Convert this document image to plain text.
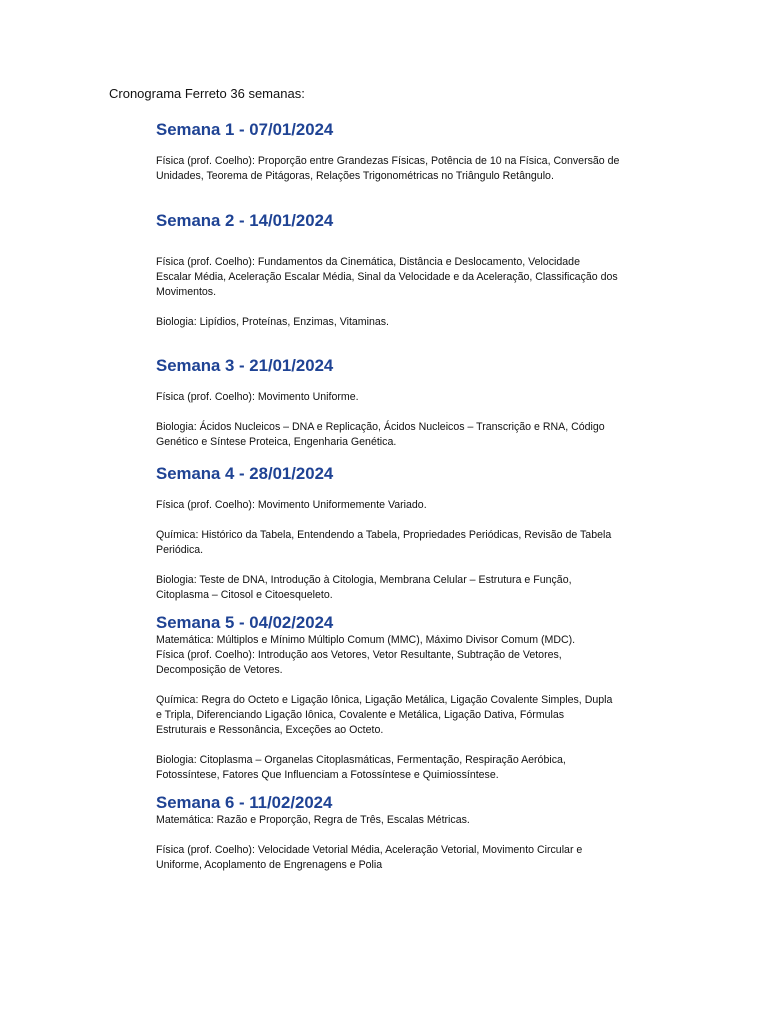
Cronograma Ferreto 36 semanas:

Semana 1 - 07/01/2024

Física (prof. Coelho): Proporção entre Grandezas Físicas, Potência de 10 na Física, Conversão de
Unidades, Teorema de Pitágoras, Relações Trigonométricas no Triângulo Retângulo.

Semana 2 - 14/01/2024

Física (prof. Coelho): Fundamentos da Cinemática, Distância e Deslocamento, Velocidade
Escalar Média, Aceleração Escalar Média, Sinal da Velocidade e da Aceleração, Classificação dos
Movimentos.

Biologia: Lipídios, Proteínas, Enzimas, Vitaminas.

Semana 3 - 21/01/2024

Física (prof. Coelho): Movimento Uniforme.

Biologia: Ácidos Nucleicos – DNA e Replicação, Ácidos Nucleicos – Transcrição e RNA, Código
Genético e Síntese Proteica, Engenharia Genética.

Semana 4 - 28/01/2024

Física (prof. Coelho): Movimento Uniformemente Variado.

Química: Histórico da Tabela, Entendendo a Tabela, Propriedades Periódicas, Revisão de Tabela
Periódica.

Biologia: Teste de DNA, Introdução à Citologia, Membrana Celular – Estrutura e Função,
Citoplasma – Citosol e Citoesqueleto.

Semana 5 - 04/02/2024

Matemática: Múltiplos e Mínimo Múltiplo Comum (MMC), Máximo Divisor Comum (MDC).
Física (prof. Coelho): Introdução aos Vetores, Vetor Resultante, Subtração de Vetores,
Decomposição de Vetores.

Química: Regra do Octeto e Ligação Iônica, Ligação Metálica, Ligação Covalente Simples, Dupla
e Tripla, Diferenciando Ligação Iônica, Covalente e Metálica, Ligação Dativa, Fórmulas
Estruturais e Ressonância, Exceções ao Octeto.

Biologia: Citoplasma – Organelas Citoplasmáticas, Fermentação, Respiração Aeróbica,
Fotossíntese, Fatores Que Influenciam a Fotossíntese e Quimiossíntese.

Semana 6 - 11/02/2024

Matemática: Razão e Proporção, Regra de Três, Escalas Métricas.

Física (prof. Coelho): Velocidade Vetorial Média, Aceleração Vetorial, Movimento Circular e
Uniforme, Acoplamento de Engrenagens e Polia
